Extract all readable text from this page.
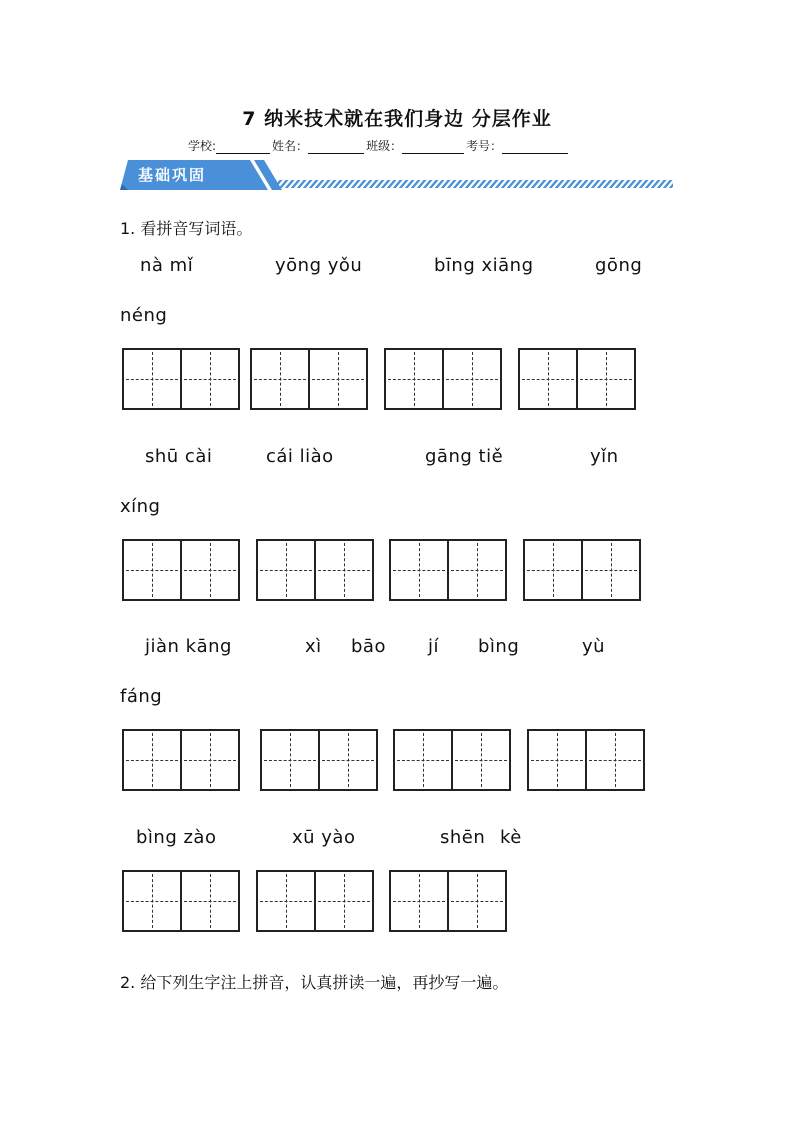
7 纳米技术就在我们身边 分层作业
学校:	姓名：	班级：	考号：
基础巩固
1. 看拼音写词语。
nà mǐ	yōng yǒu	bīng xiāng	gōng
néng
shū cài	cái liào	gāng tiě	yǐn
xíng
jiàn kāng	xì bāo jí bìng	yù
fáng
bìng zào	xū yào	shēn kè
2. 给下列生字注上拼音，认真拼读一遍，再抄写一遍。
